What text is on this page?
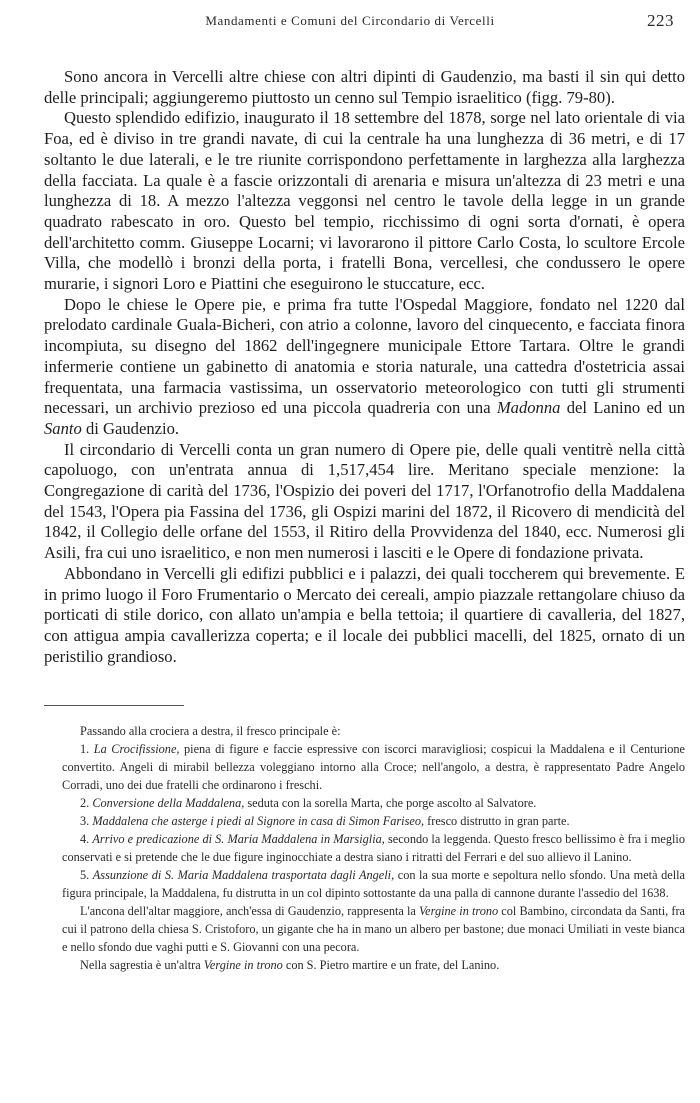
Mandamenti e Comuni del Circondario di Vercelli	223

Sono ancora in Vercelli altre chiese con altri dipinti di Gaudenzio, ma basti il sin qui detto delle principali; aggiungeremo piuttosto un cenno sul Tempio israelitico (figg. 79-80).

Questo splendido edifizio, inaugurato il 18 settembre del 1878, sorge nel lato orientale di via Foa, ed è diviso in tre grandi navate, di cui la centrale ha una lunghezza di 36 metri, e di 17 soltanto le due laterali, e le tre riunite corrispondono perfettamente in larghezza alla larghezza della facciata. La quale è a fascie orizzontali di arenaria e misura un'altezza di 23 metri e una lunghezza di 18. A mezzo l'altezza veggonsi nel centro le tavole della legge in un grande quadrato rabescato in oro. Questo bel tempio, ricchissimo di ogni sorta d'ornati, è opera dell'architetto comm. Giuseppe Locarni; vi lavorarono il pittore Carlo Costa, lo scultore Ercole Villa, che modellò i bronzi della porta, i fratelli Bona, vercellesi, che condussero le opere murarie, i signori Loro e Piattini che eseguirono le stuccature, ecc.

Dopo le chiese le Opere pie, e prima fra tutte l'Ospedal Maggiore, fondato nel 1220 dal prelodato cardinale Guala-Bicheri, con atrio a colonne, lavoro del cinquecento, e facciata finora incompiuta, su disegno del 1862 dell'ingegnere municipale Ettore Tartara. Oltre le grandi infermerie contiene un gabinetto di anatomia e storia naturale, una cattedra d'ostetricia assai frequentata, una farmacia vastissima, un osservatorio meteorologico con tutti gli strumenti necessari, un archivio prezioso ed una piccola quadreria con una Madonna del Lanino ed un Santo di Gaudenzio.

Il circondario di Vercelli conta un gran numero di Opere pie, delle quali ventitrè nella città capoluogo, con un'entrata annua di 1,517,454 lire. Meritano speciale menzione: la Congregazione di carità del 1736, l'Ospizio dei poveri del 1717, l'Orfanotrofio della Maddalena del 1543, l'Opera pia Fassina del 1736, gli Ospizi marini del 1872, il Ricovero di mendicità del 1842, il Collegio delle orfane del 1553, il Ritiro della Provvidenza del 1840, ecc. Numerosi gli Asili, fra cui uno israelitico, e non men numerosi i lasciti e le Opere di fondazione privata.

Abbondano in Vercelli gli edifizi pubblici e i palazzi, dei quali toccherem qui brevemente. E in primo luogo il Foro Frumentario o Mercato dei cereali, ampio piazzale rettangolare chiuso da porticati di stile dorico, con allato un'ampia e bella tettoia; il quartiere di cavalleria, del 1827, con attigua ampia cavallerizza coperta; e il locale dei pubblici macelli, del 1825, ornato di un peristilio grandioso.

Passando alla crociera a destra, il fresco principale è:

1. La Crocifissione, piena di figure e faccie espressive con iscorci maravigliosi; cospicui la Maddalena e il Centurione convertito. Angeli di mirabil bellezza voleggiano intorno alla Croce; nell'angolo, a destra, è rappresentato Padre Angelo Corradi, uno dei due fratelli che ordinarono i freschi.

2. Conversione della Maddalena, seduta con la sorella Marta, che porge ascolto al Salvatore.

3. Maddalena che asterge i piedi al Signore in casa di Simon Fariseo, fresco distrutto in gran parte.

4. Arrivo e predicazione di S. Maria Maddalena in Marsiglia, secondo la leggenda. Questo fresco bellissimo è fra i meglio conservati e si pretende che le due figure inginocchiate a destra siano i ritratti del Ferrari e del suo allievo il Lanino.

5. Assunzione di S. Maria Maddalena trasportata dagli Angeli, con la sua morte e sepoltura nello sfondo. Una metà della figura principale, la Maddalena, fu distrutta in un col dipinto sottostante da una palla di cannone durante l'assedio del 1638.

L'ancona dell'altar maggiore, anch'essa di Gaudenzio, rappresenta la Vergine in trono col Bambino, circondata da Santi, fra cui il patrono della chiesa S. Cristoforo, un gigante che ha in mano un albero per bastone; due monaci Umiliati in veste bianca e nello sfondo due vaghi putti e S. Giovanni con una pecora.

Nella sagrestia è un'altra Vergine in trono con S. Pietro martire e un frate, del Lanino.
